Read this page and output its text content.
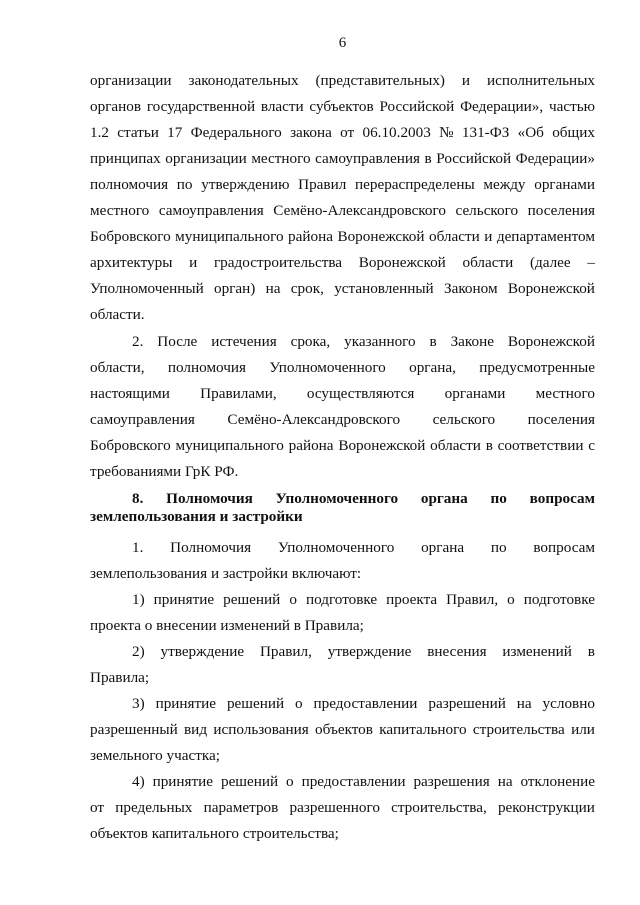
6
организации законодательных (представительных) и исполнительных
органов государственной власти субъектов Российской Федерации», частью
1.2 статьи 17 Федерального закона от 06.10.2003 № 131-ФЗ «Об общих
принципах организации местного самоуправления в Российской Федерации»
полномочия по утверждению Правил перераспределены между органами
местного самоуправления Семёно-Александровского сельского поселения
Бобровского муниципального района Воронежской области и департаментом
архитектуры и градостроительства Воронежской области (далее –
Уполномоченный орган) на срок, установленный Законом Воронежской
области.
2. После истечения срока, указанного в Законе Воронежской
области, полномочия Уполномоченного органа, предусмотренные
настоящими Правилами, осуществляются органами местного
самоуправления Семёно-Александровского сельского поселения
Бобровского муниципального района Воронежской области в соответствии с
требованиями ГрК РФ.
8. Полномочия Уполномоченного органа по вопросам
землепользования и застройки
1. Полномочия Уполномоченного органа по вопросам
землепользования и застройки включают:
1) принятие решений о подготовке проекта Правил, о подготовке
проекта о внесении изменений в Правила;
2) утверждение Правил, утверждение внесения изменений в
Правила;
3) принятие решений о предоставлении разрешений на условно
разрешенный вид использования объектов капитального строительства или
земельного участка;
4) принятие решений о предоставлении разрешения на отклонение
от предельных параметров разрешенного строительства, реконструкции
объектов капитального строительства;
